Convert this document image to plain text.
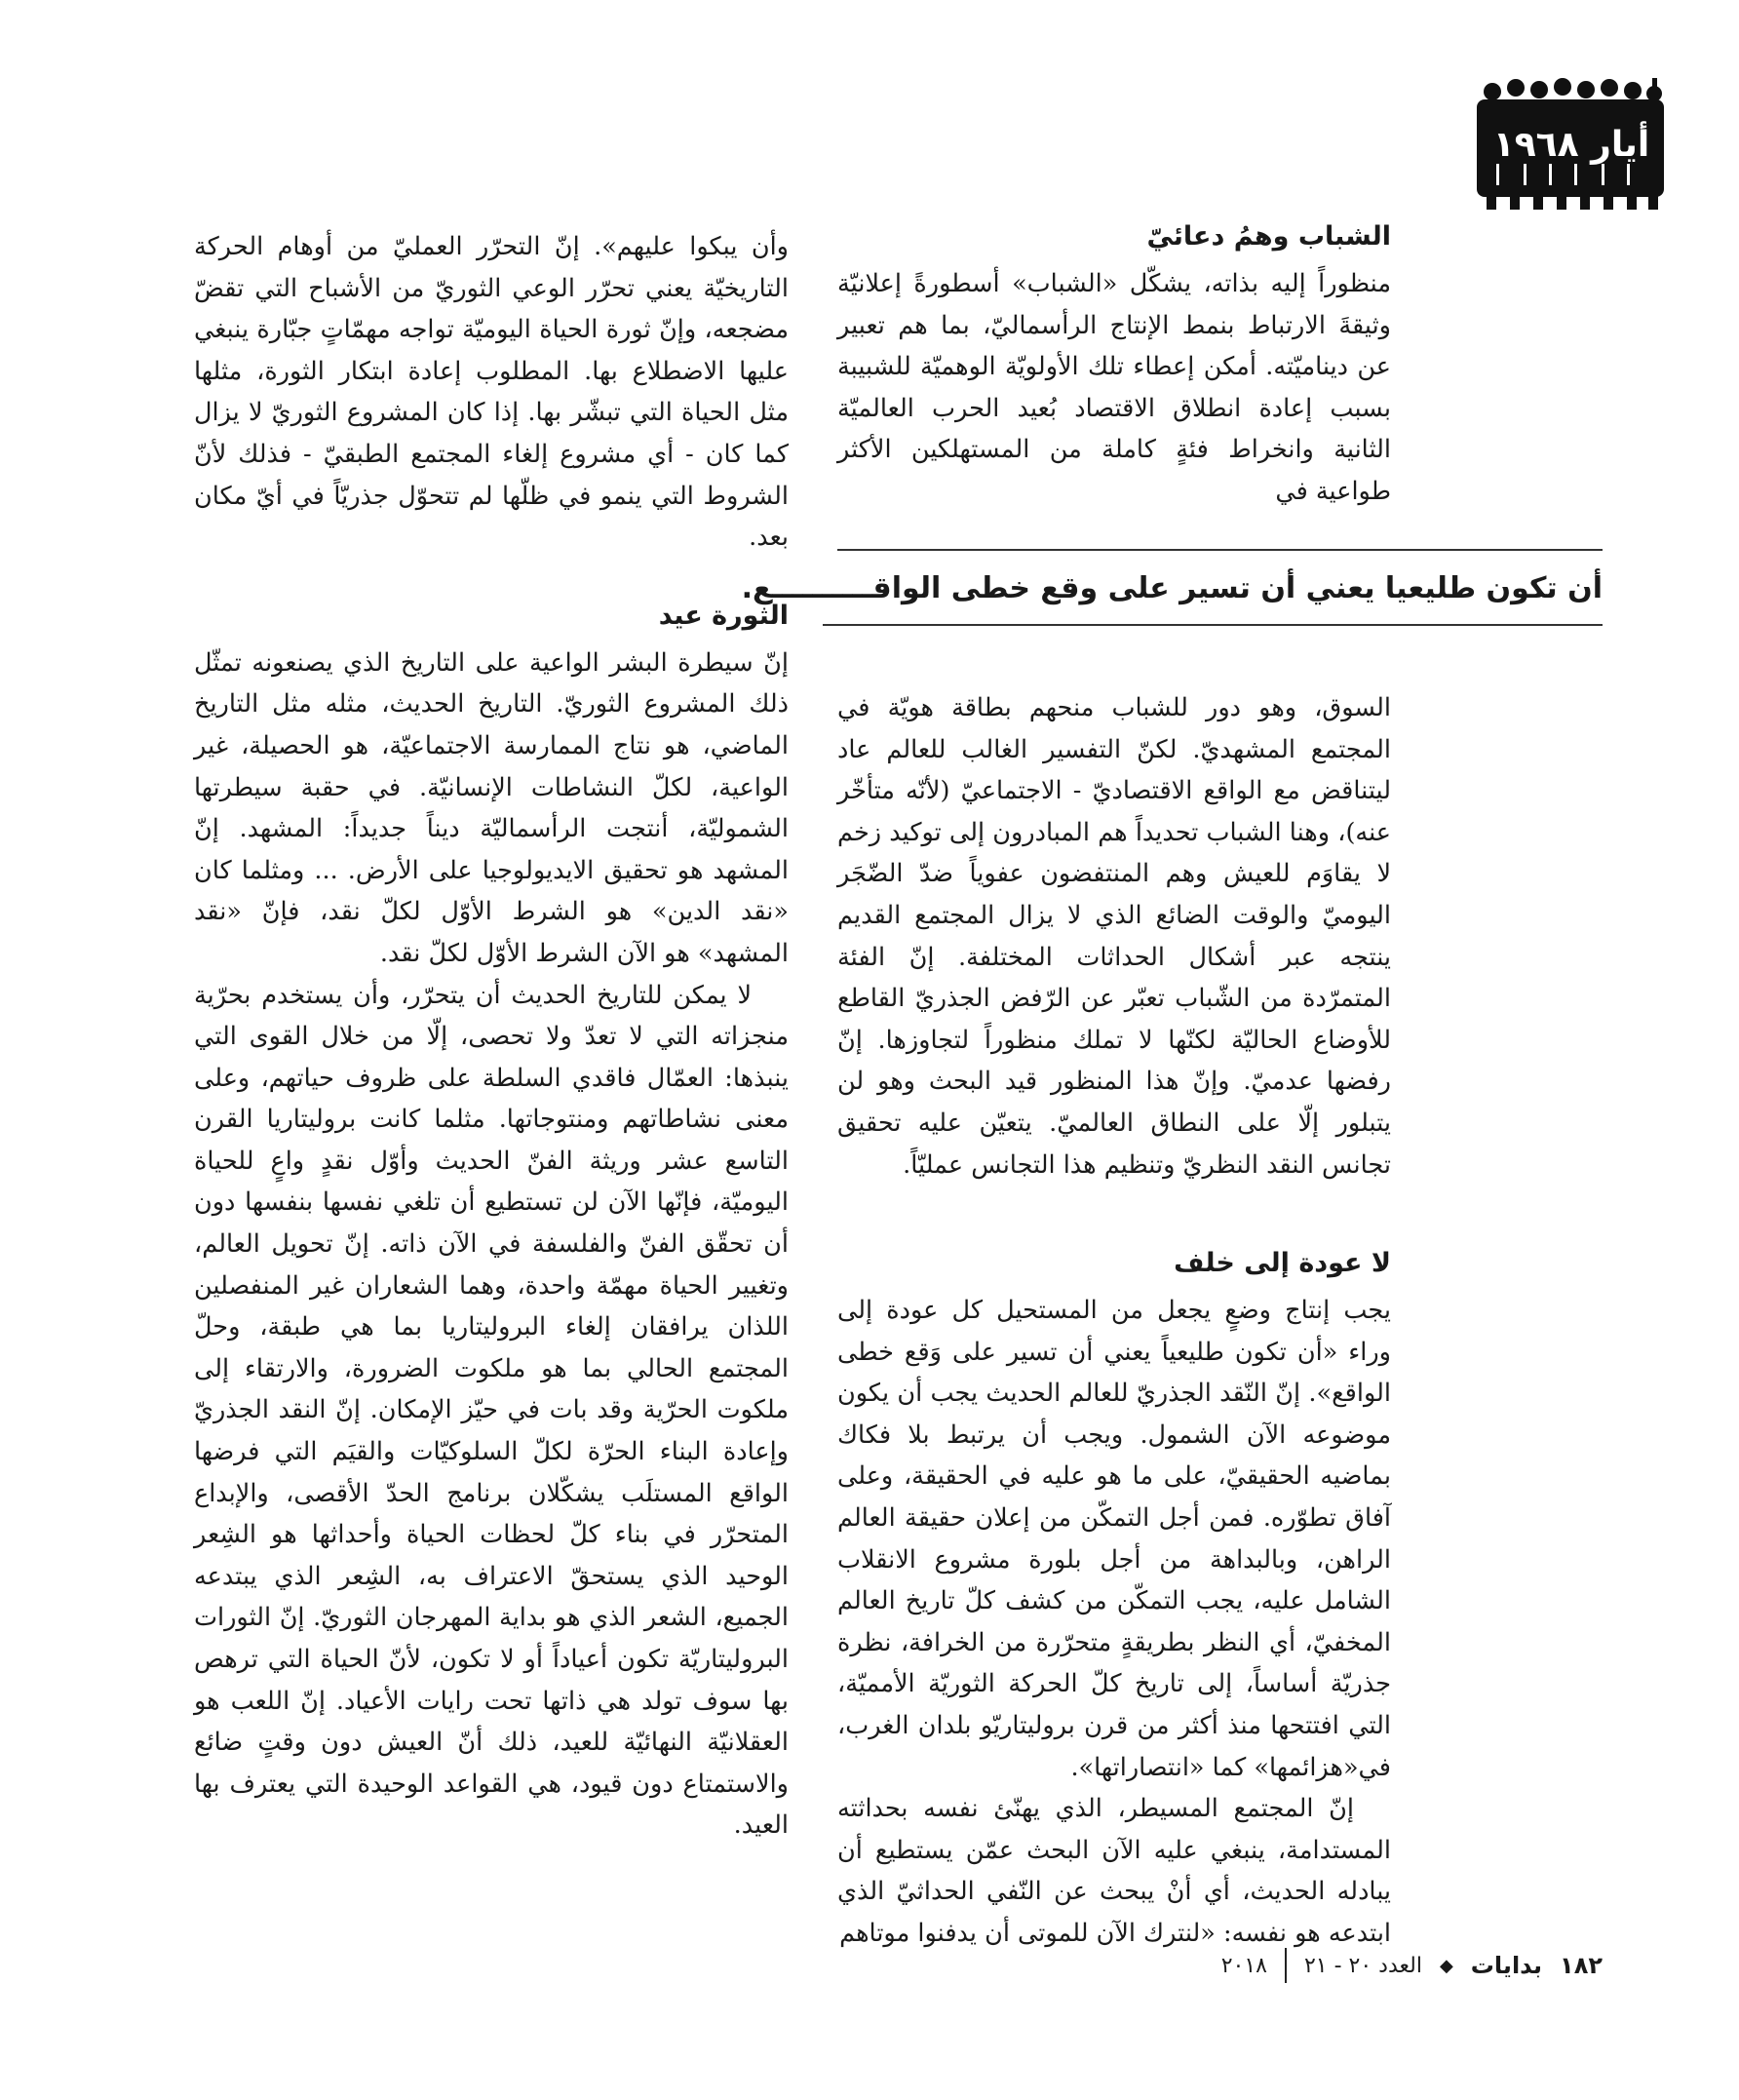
أيار ١٩٦٨
الشباب وهمُ دعائيّ

منظوراً إليه بذاته، يشكّل «الشباب» أسطورةً إعلانيّة وثيقةَ الارتباط بنمط الإنتاج الرأسماليّ، بما هم تعبير عن ديناميّته. أمكن إعطاء تلك الأولويّة الوهميّة للشبيبة بسبب إعادة انطلاق الاقتصاد بُعيد الحرب العالميّة الثانية وانخراط فئةٍ كاملة من المستهلكين الأكثر طواعية في

أن تكون طليعيا يعني أن تسير على وقع خطى الواقــــــــــع.

السوق، وهو دور للشباب منحهم بطاقة هويّة في المجتمع المشهديّ. لكنّ التفسير الغالب للعالم عاد ليتناقض مع الواقع الاقتصاديّ - الاجتماعيّ (لأنّه متأخّر عنه)، وهنا الشباب تحديداً هم المبادرون إلى توكيد زخم لا يقاوَم للعيش وهم المنتفضون عفوياً ضدّ الضّجَر اليوميّ والوقت الضائع الذي لا يزال المجتمع القديم ينتجه عبر أشكال الحداثات المختلفة. إنّ الفئة المتمرّدة من الشّباب تعبّر عن الرّفض الجذريّ القاطع للأوضاع الحاليّة لكنّها لا تملك منظوراً لتجاوزها. إنّ رفضها عدميّ. وإنّ هذا المنظور قيد البحث وهو لن يتبلور إلّا على النطاق العالميّ. يتعيّن عليه تحقيق تجانس النقد النظريّ وتنظيم هذا التجانس عمليّاً.

لا عودة إلى خلف

يجب إنتاج وضعٍ يجعل من المستحيل كل عودة إلى وراء «أن تكون طليعياً يعني أن تسير على وَقع خطى الواقع». إنّ النّقد الجذريّ للعالم الحديث يجب أن يكون موضوعه الآن الشمول. ويجب أن يرتبط بلا فكاك بماضيه الحقيقيّ، على ما هو عليه في الحقيقة، وعلى آفاق تطوّره. فمن أجل التمكّن من إعلان حقيقة العالم الراهن، وبالبداهة من أجل بلورة مشروع الانقلاب الشامل عليه، يجب التمكّن من كشف كلّ تاريخ العالم المخفيّ، أي النظر بطريقةٍ متحرّرة من الخرافة، نظرة جذريّة أساساً، إلى تاريخ كلّ الحركة الثوريّة الأمميّة، التي افتتحها منذ أكثر من قرن بروليتاريّو بلدان الغرب، في«هزائمها» كما «انتصاراتها».

إنّ المجتمع المسيطر، الذي يهنّئ نفسه بحداثته المستدامة، ينبغي عليه الآن البحث عمّن يستطيع أن يبادله الحديث، أي أنْ يبحث عن النّفي الحداثيّ الذي ابتدعه هو نفسه: «لنترك الآن للموتى أن يدفنوا موتاهم

وأن يبكوا عليهم». إنّ التحرّر العمليّ من أوهام الحركة التاريخيّة يعني تحرّر الوعي الثوريّ من الأشباح التي تقضّ مضجعه، وإنّ ثورة الحياة اليوميّة تواجه مهمّاتٍ جبّارة ينبغي عليها الاضطلاع بها. المطلوب إعادة ابتكار الثورة، مثلها مثل الحياة التي تبشّر بها. إذا كان المشروع الثوريّ لا يزال كما كان - أي مشروع إلغاء المجتمع الطبقيّ - فذلك لأنّ الشروط التي ينمو في ظلّها لم تتحوّل جذريّاً في أيّ مكان بعد.

الثورة عيد

إنّ سيطرة البشر الواعية على التاريخ الذي يصنعونه تمثّل ذلك المشروع الثوريّ. التاريخ الحديث، مثله مثل التاريخ الماضي، هو نتاج الممارسة الاجتماعيّة، هو الحصيلة، غير الواعية، لكلّ النشاطات الإنسانيّة. في حقبة سيطرتها الشموليّة، أنتجت الرأسماليّة ديناً جديداً: المشهد. إنّ المشهد هو تحقيق الايديولوجيا على الأرض. ... ومثلما كان «نقد الدين» هو الشرط الأوّل لكلّ نقد، فإنّ «نقد المشهد» هو الآن الشرط الأوّل لكلّ نقد.

لا يمكن للتاريخ الحديث أن يتحرّر، وأن يستخدم بحرّية منجزاته التي لا تعدّ ولا تحصى، إلّا من خلال القوى التي ينبذها: العمّال فاقدي السلطة على ظروف حياتهم، وعلى معنى نشاطاتهم ومنتوجاتها. مثلما كانت بروليتاريا القرن التاسع عشر وريثة الفنّ الحديث وأوّل نقدٍ واعٍ للحياة اليوميّة، فإنّها الآن لن تستطيع أن تلغي نفسها بنفسها دون أن تحقّق الفنّ والفلسفة في الآن ذاته. إنّ تحويل العالم، وتغيير الحياة مهمّة واحدة، وهما الشعاران غير المنفصلين اللذان يرافقان إلغاء البروليتاريا بما هي طبقة، وحلّ المجتمع الحالي بما هو ملكوت الضرورة، والارتقاء إلى ملكوت الحرّية وقد بات في حيّز الإمكان. إنّ النقد الجذريّ وإعادة البناء الحرّة لكلّ السلوكيّات والقيَم التي فرضها الواقع المستلَب يشكّلان برنامج الحدّ الأقصى، والإبداع المتحرّر في بناء كلّ لحظات الحياة وأحداثها هو الشِعر الوحيد الذي يستحقّ الاعتراف به، الشِعر الذي يبتدعه الجميع، الشعر الذي هو بداية المهرجان الثوريّ. إنّ الثورات البروليتاريّة تكون أعياداً أو لا تكون، لأنّ الحياة التي ترهص بها سوف تولد هي ذاتها تحت رايات الأعياد. إنّ اللعب هو العقلانيّة النهائيّة للعيد، ذلك أنّ العيش دون وقتٍ ضائع والاستمتاع دون قيود، هي القواعد الوحيدة التي يعترف بها العيد.

١٨٢
بدايات
◆
العدد ٢٠ - ٢١
٢٠١٨
